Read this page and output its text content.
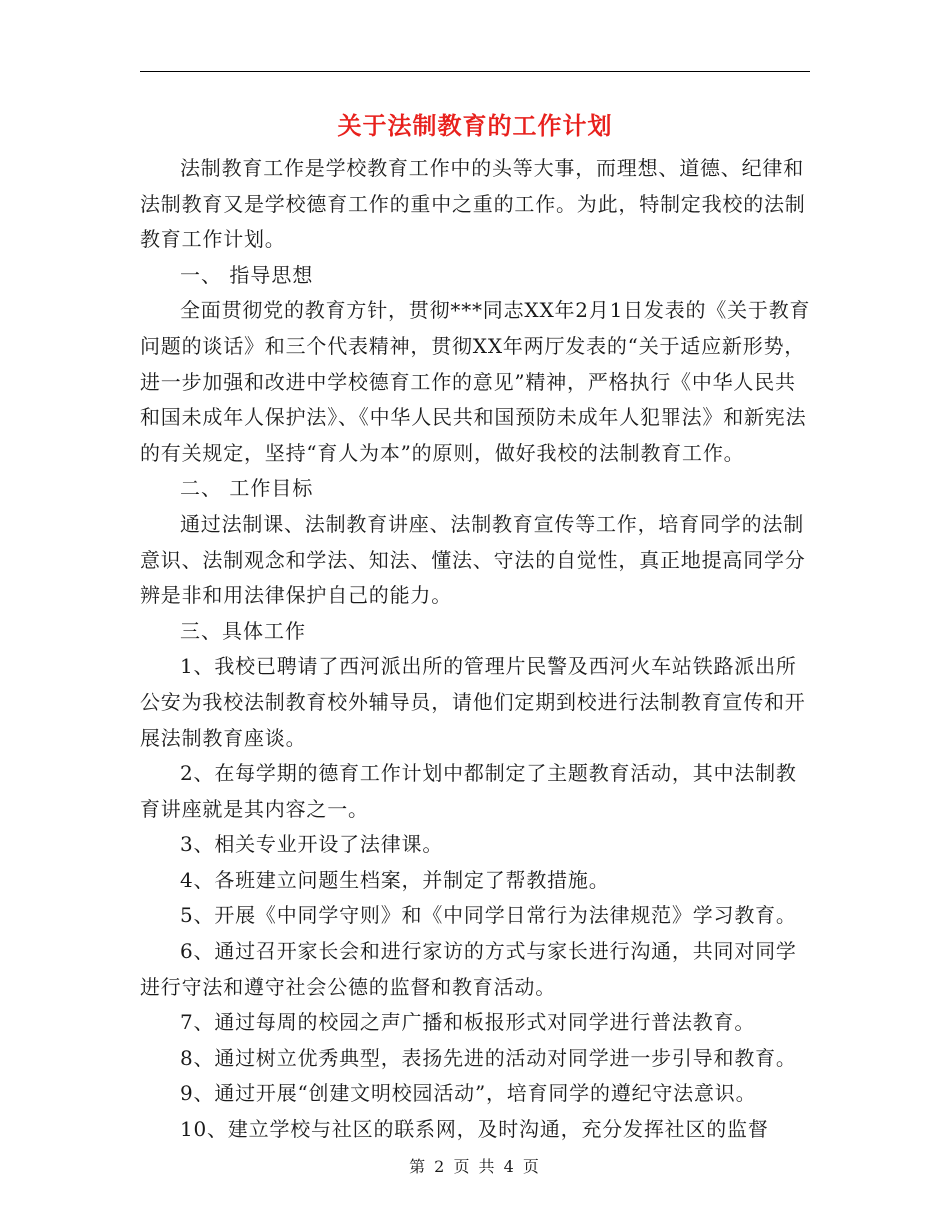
关于法制教育的工作计划

法制教育工作是学校教育工作中的头等大事，而理想、道德、纪律和法制教育又是学校德育工作的重中之重的工作。为此，特制定我校的法制教育工作计划。

一、 指导思想

全面贯彻党的教育方针，贯彻***同志XX年2月1日发表的《关于教育问题的谈话》和三个代表精神，贯彻XX年两厅发表的“关于适应新形势，进一步加强和改进中学校德育工作的意见”精神，严格执行《中华人民共和国未成年人保护法》、《中华人民共和国预防未成年人犯罪法》和新宪法的有关规定，坚持“育人为本”的原则，做好我校的法制教育工作。

二、 工作目标

通过法制课、法制教育讲座、法制教育宣传等工作，培育同学的法制意识、法制观念和学法、知法、懂法、守法的自觉性，真正地提高同学分辨是非和用法律保护自己的能力。

三、具体工作

1、我校已聘请了西河派出所的管理片民警及西河火车站铁路派出所公安为我校法制教育校外辅导员，请他们定期到校进行法制教育宣传和开展法制教育座谈。

2、在每学期的德育工作计划中都制定了主题教育活动，其中法制教育讲座就是其内容之一。

3、相关专业开设了法律课。

4、各班建立问题生档案，并制定了帮教措施。

5、开展《中同学守则》和《中同学日常行为法律规范》学习教育。

6、通过召开家长会和进行家访的方式与家长进行沟通，共同对同学进行守法和遵守社会公德的监督和教育活动。

7、通过每周的校园之声广播和板报形式对同学进行普法教育。

8、通过树立优秀典型，表扬先进的活动对同学进一步引导和教育。

9、通过开展“创建文明校园活动”，培育同学的遵纪守法意识。

10、建立学校与社区的联系网，及时沟通，充分发挥社区的监督

第 2 页 共 4 页
